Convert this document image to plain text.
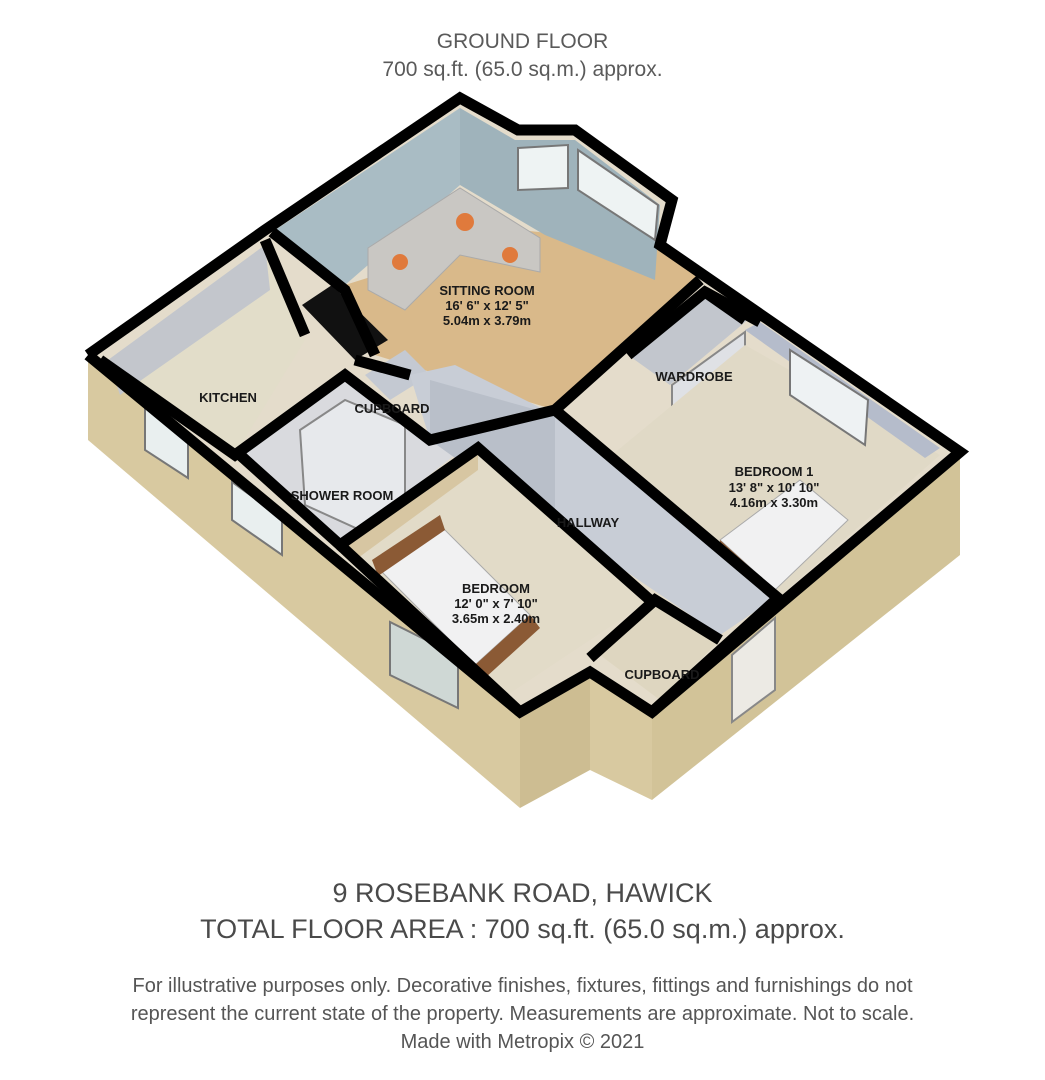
GROUND FLOOR
700 sq.ft. (65.0 sq.m.) approx.
SITTING ROOM
16' 6" x 12' 5"
5.04m x 3.79m
KITCHEN
CUPBOARD
WARDROBE
SHOWER ROOM
HALLWAY
BEDROOM 1
13' 8" x 10' 10"
4.16m x 3.30m
BEDROOM
12' 0" x 7' 10"
3.65m x 2.40m
CUPBOARD
9 ROSEBANK ROAD, HAWICK
TOTAL FLOOR AREA : 700 sq.ft. (65.0 sq.m.) approx.
For illustrative purposes only. Decorative finishes, fixtures, fittings and furnishings do not
represent the current state of the property. Measurements are approximate. Not to scale.
Made with Metropix © 2021
